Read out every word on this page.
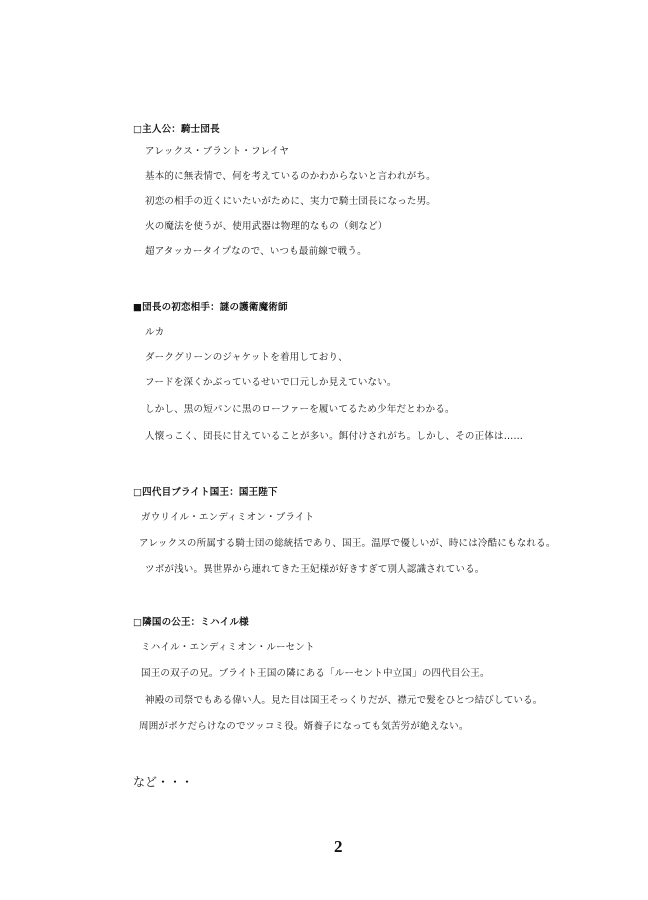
□主人公：騎士団長
アレックス・ブラント・フレイヤ
基本的に無表情で、何を考えているのかわからないと言われがち。
初恋の相手の近くにいたいがために、実力で騎士団長になった男。
火の魔法を使うが、使用武器は物理的なもの（剣など）
超アタッカータイプなので、いつも最前線で戦う。
■団長の初恋相手：謎の護衛魔術師
ルカ
ダークグリーンのジャケットを着用しており、
フードを深くかぶっているせいで口元しか見えていない。
しかし、黒の短パンに黒のローファーを履いてるため少年だとわかる。
人懐っこく、団長に甘えていることが多い。餌付けされがち。しかし、その正体は……
□四代目ブライト国王：国王陛下
ガウリイル・エンディミオン・ブライト
アレックスの所属する騎士団の総統括であり、国王。温厚で優しいが、時には冷酷にもなれる。
ツボが浅い。異世界から連れてきた王妃様が好きすぎて別人認識されている。
□隣国の公王：ミハイル様
ミハイル・エンディミオン・ルーセント
国王の双子の兄。ブライト王国の隣にある「ルーセント中立国」の四代目公王。
神殿の司祭でもある偉い人。見た目は国王そっくりだが、襟元で髪をひとつ結びしている。
周囲がボケだらけなのでツッコミ役。婿養子になっても気苦労が絶えない。
など・・・
2
